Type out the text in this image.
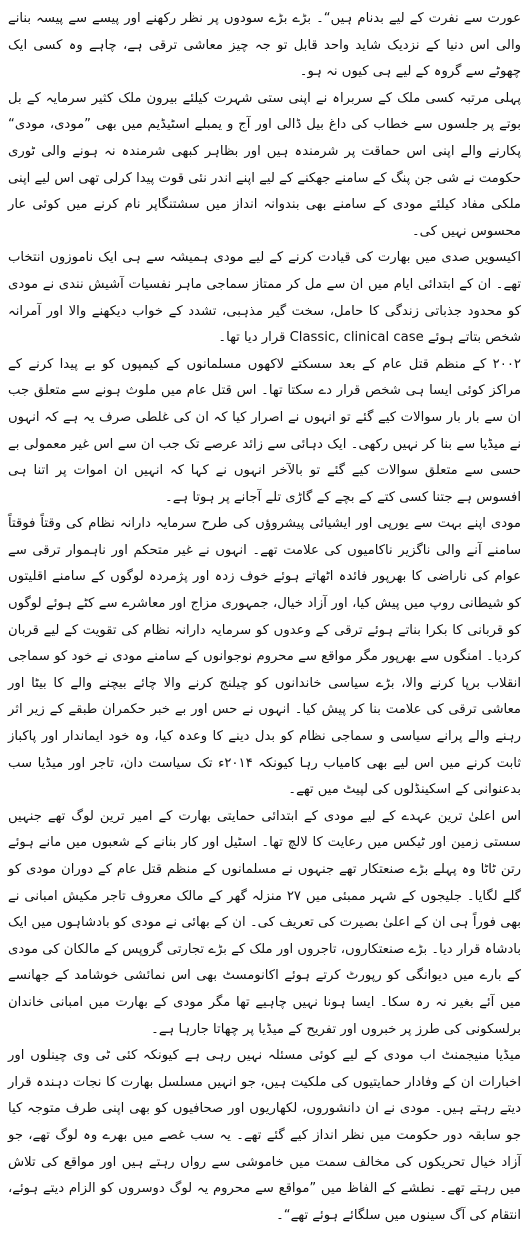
عورت سے نفرت کے لیے بدنام ہیں“۔ بڑے بڑے سودوں پر نظر رکھنے اور پیسے سے پیسہ بنانے والی اس دنیا کے نزدیک شاید واحد قابل تو جہ چیز معاشی ترقی ہے، چاہے وہ کسی ایک چھوٹے سے گروہ کے لیے ہی کیوں نہ ہو۔

پہلی مرتبہ کسی ملک کے سربراہ نے اپنی ستی شہرت کیلئے بیرون ملک کثیر سرمایہ کے بل بوتے پر جلسوں سے خطاب کی داغ بیل ڈالی اور آج و یمبلے اسٹیڈیم میں بھی ”مودی، مودی“ پکارنے والے اپنی اس حماقت پر شرمندہ ہیں اور بظاہر کبھی شرمندہ نہ ہونے والی ٹوری حکومت نے شی جن پنگ کے سامنے جھکنے کے لیے اپنے اندر نئی قوت پیدا کرلی تھی اس لیے اپنی ملکی مفاد کیلئے مودی کے سامنے بھی بندوانہ انداز میں سشتنگاپر نام کرنے میں کوئی عار محسوس نہیں کی۔

اکیسویں صدی میں بھارت کی قیادت کرنے کے لیے مودی ہمیشہ سے ہی ایک ناموزوں انتخاب تھے۔ ان کے ابتدائی ایام میں ان سے مل کر ممتاز سماجی ماہر نفسیات آشیش نندی نے مودی کو محدود جذباتی زندگی کا حامل، سخت گیر مذہبی، تشدد کے خواب دیکھنے والا اور آمرانہ شخص بتاتے ہوئے Classic, clinical case قرار دیا تھا۔

۲۰۰۲ کے منظم قتل عام کے بعد سسکتے لاکھوں مسلمانوں کے کیمپوں کو بے پیدا کرنے کے مراکز کوئی ایسا ہی شخص قرار دے سکتا تھا۔ اس قتل عام میں ملوث ہونے سے متعلق جب ان سے بار بار سوالات کیے گئے تو انہوں نے اصرار کیا کہ ان کی غلطی صرف یہ ہے کہ انہوں نے میڈیا سے بنا کر نہیں رکھی۔ ایک دہائی سے زائد عرصے تک جب ان سے اس غیر معمولی بے حسی سے متعلق سوالات کیے گئے تو بالآخر انہوں نے کہا کہ انہیں ان اموات پر اتنا ہی افسوس ہے جتنا کسی کتے کے بچے کے گاڑی تلے آجانے پر ہوتا ہے۔

مودی اپنے بہت سے یورپی اور ایشیائی پیشروؤں کی طرح سرمایہ دارانہ نظام کی وقتاً فوقتاً سامنے آنے والی ناگزیر ناکامیوں کی علامت تھے۔ انہوں نے غیر متحکم اور ناہموار ترقی سے عوام کی ناراضی کا بھرپور فائدہ اٹھاتے ہوئے خوف زدہ اور پژمردہ لوگوں کے سامنے اقلیتوں کو شیطانی روپ میں پیش کیا، اور آزاد خیال، جمہوری مزاج اور معاشرے سے کٹے ہوئے لوگوں کو قربانی کا بکرا بناتے ہوئے ترقی کے وعدوں کو سرمایہ دارانہ نظام کی تقویت کے لیے قربان کردیا۔ امنگوں سے بھرپور مگر مواقع سے محروم نوجوانوں کے سامنے مودی نے خود کو سماجی انقلاب برپا کرنے والا، بڑے سیاسی خاندانوں کو چیلنج کرنے والا چائے بیچنے والے کا بیٹا اور معاشی ترقی کی علامت بنا کر پیش کیا۔ انہوں نے حس اور بے خبر حکمران طبقے کے زیر اثر رہنے والے پرانے سیاسی و سماجی نظام کو بدل دینے کا وعدہ کیا، وہ خود ایماندار اور پاکباز ثابت کرنے میں اس لیے بھی کامیاب رہا کیونکہ ۲۰۱۴ء تک سیاست دان، تاجر اور میڈیا سب بدعنوانی کے اسکینڈلوں کی لپیٹ میں تھے۔

اس اعلیٰ ترین عہدے کے لیے مودی کے ابتدائی حمایتی بھارت کے امیر ترین لوگ تھے جنہیں سستی زمین اور ٹیکس میں رعایت کا لالچ تھا۔ اسٹیل اور کار بنانے کے شعبوں میں مانے ہوئے رتن ٹاٹا وہ پہلے بڑے صنعتکار تھے جنہوں نے مسلمانوں کے منظم قتل عام کے دوران مودی کو گلے لگایا۔ جلیجوں کے شہر ممبئی میں ۲۷ منزلہ گھر کے مالک معروف تاجر مکیش امبانی نے بھی فوراً ہی ان کے اعلیٰ بصیرت کی تعریف کی۔ ان کے بھائی نے مودی کو بادشاہوں میں ایک بادشاہ قرار دیا۔ بڑے صنعتکاروں، تاجروں اور ملک کے بڑے تجارتی گروپس کے مالکان کی مودی کے بارے میں دیوانگی کو رپورٹ کرتے ہوئے اکانومسٹ بھی اس نمائشی خوشامد کے جھانسے میں آئے بغیر نہ رہ سکا۔ ایسا ہونا نہیں چاہیے تھا مگر مودی کے بھارت میں امبانی خاندان برلسکونی کی طرز پر خبروں اور تفریح کے میڈیا پر چھاتا جارہا ہے۔

میڈیا منیجمنٹ اب مودی کے لیے کوئی مسئلہ نہیں رہی ہے کیونکہ کئی ٹی وی چینلوں اور اخبارات ان کے وفادار حمایتیوں کی ملکیت ہیں، جو انہیں مسلسل بھارت کا نجات دہندہ قرار دیتے رہتے ہیں۔ مودی نے ان دانشوروں، لکھاریوں اور صحافیوں کو بھی اپنی طرف متوجہ کیا جو سابقہ دور حکومت میں نظر انداز کیے گئے تھے۔ یہ سب غصے میں بھرے وہ لوگ تھے، جو آزاد خیال تحریکوں کی مخالف سمت میں خاموشی سے رواں رہتے ہیں اور مواقع کی تلاش میں رہتے تھے۔ نطشے کے الفاظ میں ”مواقع سے محروم یہ لوگ دوسروں کو الزام دیتے ہوئے، انتقام کی آگ سینوں میں سلگائے ہوئے تھے“۔
